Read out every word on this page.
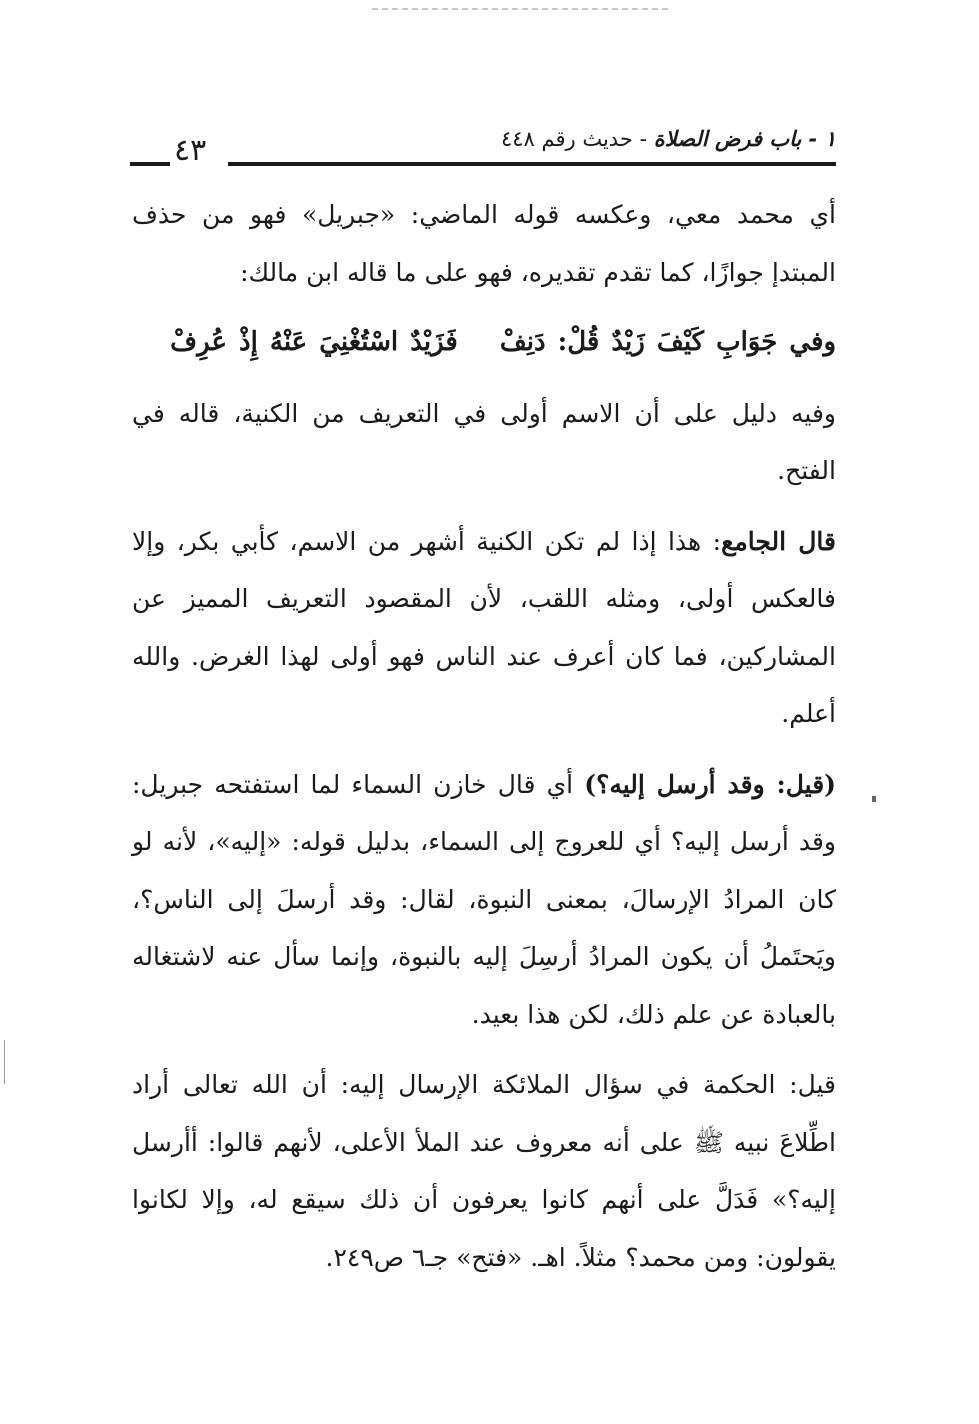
٤٣	١ - باب فرض الصلاة - حديث رقم ٤٤٨

أي محمد معي، وعكسه قوله الماضي: «جبريل» فهو من حذف المبتدإ جوازًا، كما تقدم تقديره، فهو على ما قاله ابن مالك:

وفي جَوَابِ كَيْفَ زَيْدٌ قُلْ: دَنِفْفَزَيْدٌ اسْتُغْنِيَ عَنْهُ إِذْ عُرِفْ

وفيه دليل على أن الاسم أولى في التعريف من الكنية، قاله في الفتح.

قال الجامع: هذا إذا لم تكن الكنية أشهر من الاسم، كأبي بكر، وإلا فالعكس أولى، ومثله اللقب، لأن المقصود التعريف المميز عن المشاركين، فما كان أعرف عند الناس فهو أولى لهذا الغرض. والله أعلم.

(قيل: وقد أرسل إليه؟) أي قال خازن السماء لما استفتحه جبريل: وقد أرسل إليه؟ أي للعروج إلى السماء، بدليل قوله: «إليه»، لأنه لو كان المرادُ الإرسالَ، بمعنى النبوة، لقال: وقد أرسلَ إلى الناس؟، ويَحتَملُ أن يكون المرادُ أرسِلَ إليه بالنبوة، وإنما سأل عنه لاشتغاله بالعبادة عن علم ذلك، لكن هذا بعيد.

قيل: الحكمة في سؤال الملائكة الإرسال إليه: أن الله تعالى أراد اطِّلاعَ نبيه ﷺ على أنه معروف عند الملأ الأعلى، لأنهم قالوا: أأرسل إليه؟» فَدَلَّ على أنهم كانوا يعرفون أن ذلك سيقع له، وإلا لكانوا يقولون: ومن محمد؟ مثلاً. اهـ. «فتح» جـ٦ ص٢٤٩.
